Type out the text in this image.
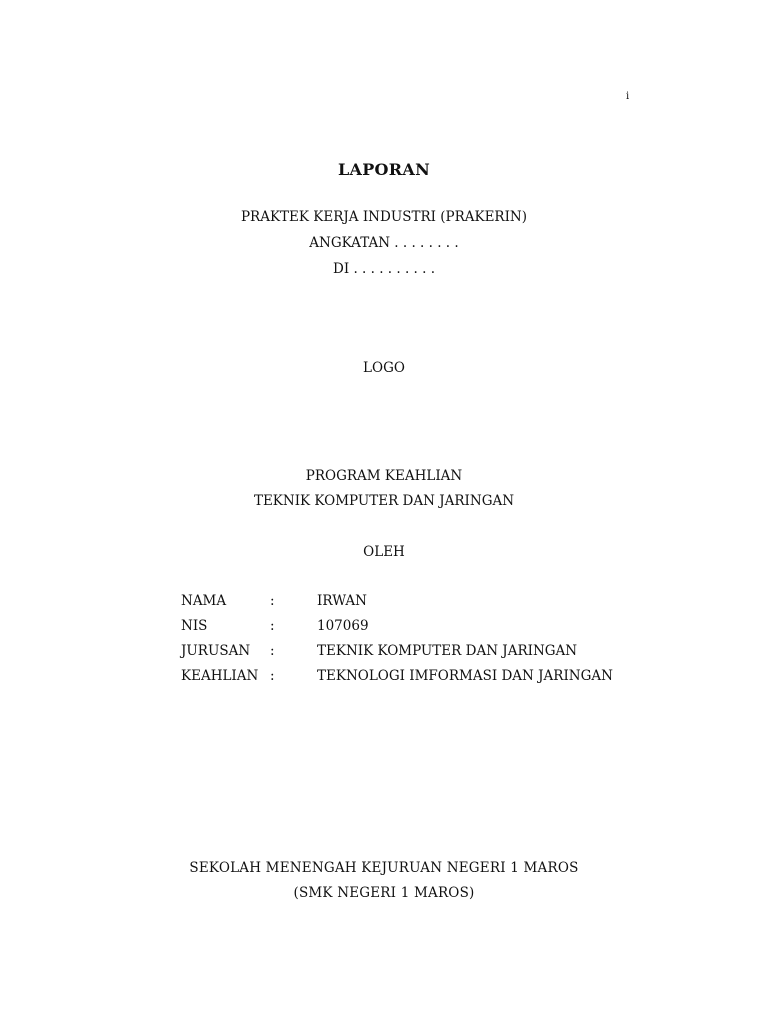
i
LAPORAN
PRAKTEK KERJA INDUSTRI (PRAKERIN)
ANGKATAN . . . . . . . .
DI . . . . . . . . . .
LOGO
PROGRAM KEAHLIAN
TEKNIK KOMPUTER DAN JARINGAN
OLEH
NAMA	:	IRWAN
NIS	:	107069
JURUSAN :	TEKNIK KOMPUTER DAN JARINGAN
KEAHLIAN :	TEKNOLOGI IMFORMASI DAN JARINGAN
SEKOLAH MENENGAH KEJURUAN NEGERI 1 MAROS
(SMK NEGERI 1 MAROS)
